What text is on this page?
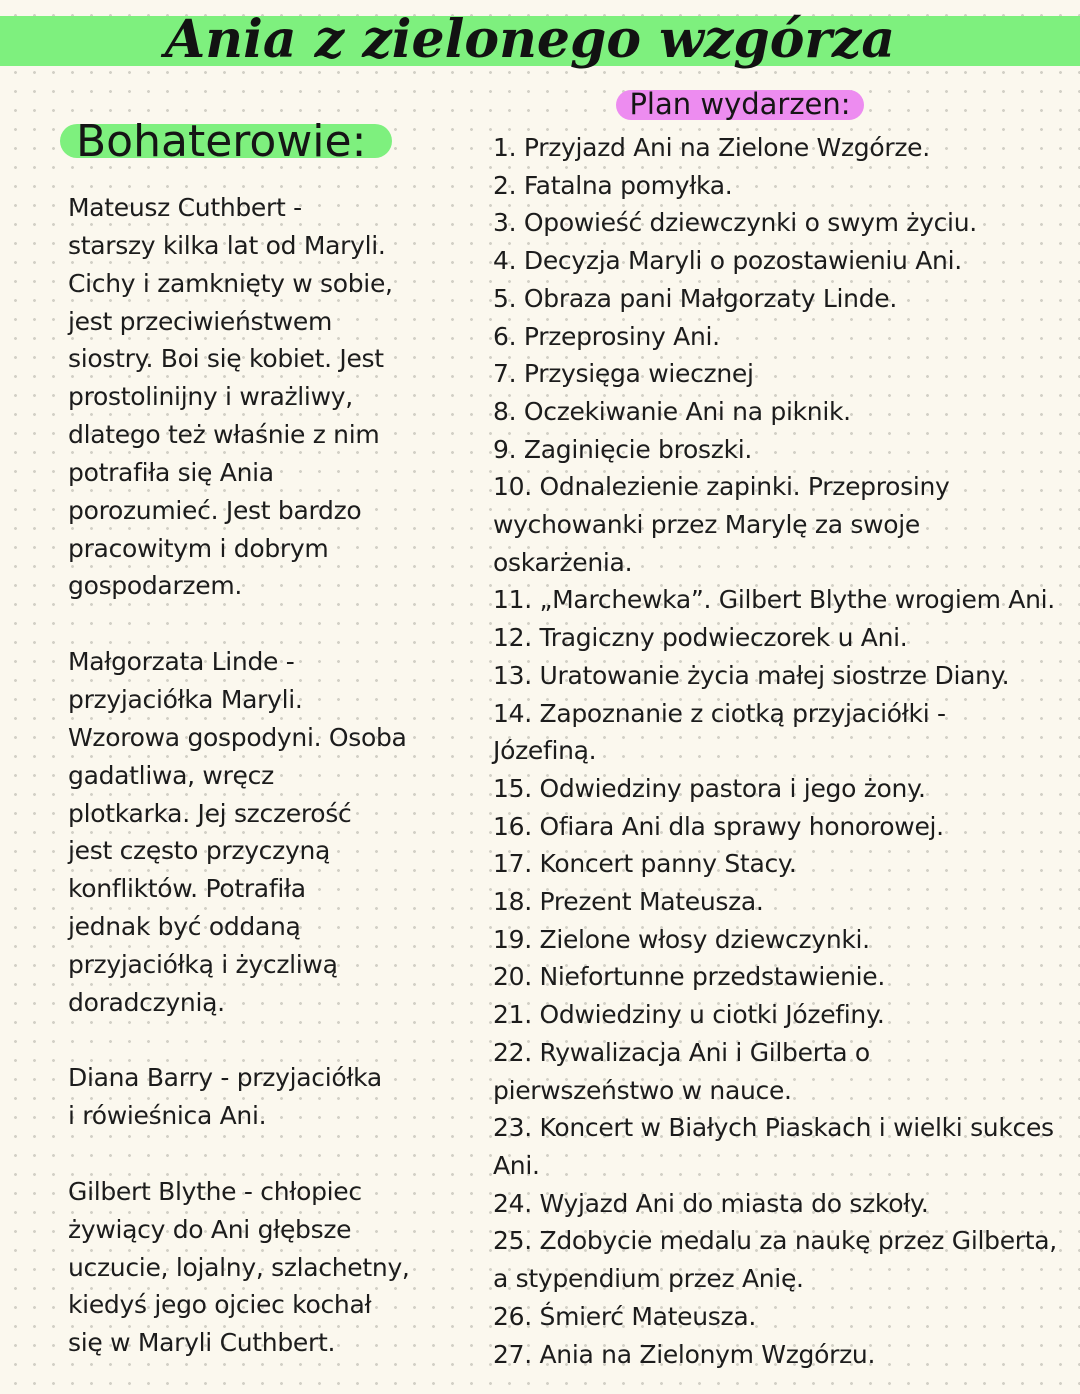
Ania z zielonego wzgórza
Bohaterowie:
Plan wydarzen:

Mateusz Cuthbert -
starszy kilka lat od Maryli.
Cichy i zamknięty w sobie,
jest przeciwieństwem
siostry. Boi się kobiet. Jest
prostolinijny i wrażliwy,
dlatego też właśnie z nim
potrafiła się Ania
porozumieć. Jest bardzo
pracowitym i dobrym
gospodarzem.

Małgorzata Linde -
przyjaciółka Maryli.
Wzorowa gospodyni. Osoba
gadatliwa, wręcz
plotkarka. Jej szczerość
jest często przyczyną
konfliktów. Potrafiła
jednak być oddaną
przyjaciółką i życzliwą
doradczynią.

Diana Barry - przyjaciółka
i rówieśnica Ani.

Gilbert Blythe - chłopiec
żywiący do Ani głębsze
uczucie, lojalny, szlachetny,
kiedyś jego ojciec kochał
się w Maryli Cuthbert.

1. Przyjazd Ani na Zielone Wzgórze.
2. Fatalna pomyłka.
3. Opowieść dziewczynki o swym życiu.
4. Decyzja Maryli o pozostawieniu Ani.
5. Obraza pani Małgorzaty Linde.
6. Przeprosiny Ani.
7. Przysięga wiecznej
8. Oczekiwanie Ani na piknik.
9. Zaginięcie broszki.
10. Odnalezienie zapinki. Przeprosiny
wychowanki przez Marylę za swoje
oskarżenia.
11. „Marchewka”. Gilbert Blythe wrogiem Ani.
12. Tragiczny podwieczorek u Ani.
13. Uratowanie życia małej siostrze Diany.
14. Zapoznanie z ciotką przyjaciółki -
Józefiną.
15. Odwiedziny pastora i jego żony.
16. Ofiara Ani dla sprawy honorowej.
17. Koncert panny Stacy.
18. Prezent Mateusza.
19. Zielone włosy dziewczynki.
20. Niefortunne przedstawienie.
21. Odwiedziny u ciotki Józefiny.
22. Rywalizacja Ani i Gilberta o
pierwszeństwo w nauce.
23. Koncert w Białych Piaskach i wielki sukces
Ani.
24. Wyjazd Ani do miasta do szkoły.
25. Zdobycie medalu za naukę przez Gilberta,
a stypendium przez Anię.
26. Śmierć Mateusza.
27. Ania na Zielonym Wzgórzu.
